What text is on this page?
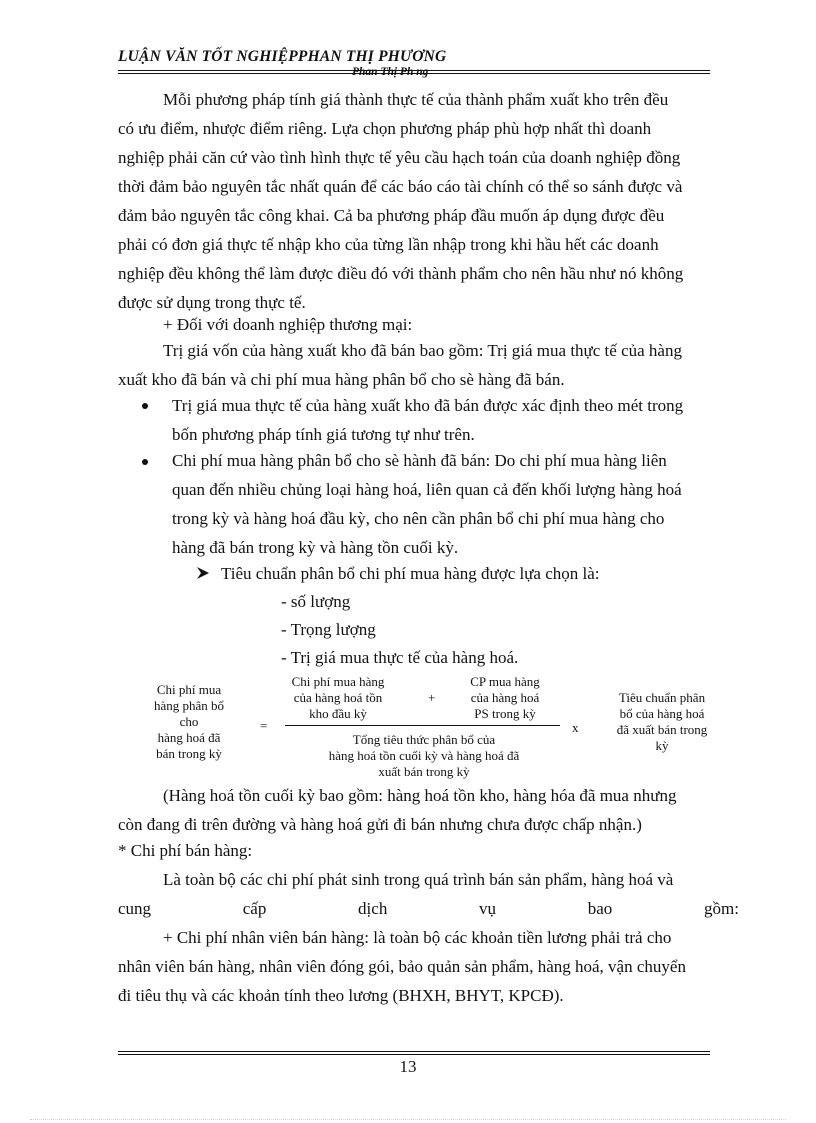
LUẬN VĂN TỐT NGHIỆPPHAN THỊ PHƯƠNG
Phan Thị Ph ng
Mỗi phương pháp tính giá thành thực tế của thành phẩm xuất kho trên đều
có ưu điểm, nhược điểm riêng. Lựa chọn phương pháp phù hợp nhất thì doanh
nghiệp phải căn cứ vào tình hình thực tế yêu cầu hạch toán của doanh nghiệp đồng
thời đảm bảo nguyên tắc nhất quán để các báo cáo tài chính có thể so sánh được và
đảm bảo nguyên tắc công khai. Cả ba phương pháp đầu muốn áp dụng được đều
phải có đơn giá thực tế nhập kho của từng lần nhập trong khi hầu hết các doanh
nghiệp đều không thể làm được điều đó với thành phẩm cho nên hầu như nó không
được sử dụng trong thực tế.
+ Đối với doanh nghiệp thương mại:
Trị giá vốn của hàng xuất kho đã bán bao gồm: Trị giá mua thực tế của hàng
xuất kho đã bán và chi phí mua hàng phân bổ cho sè hàng đã bán.
Trị giá mua thực tế của hàng xuất kho đã bán được xác định theo mét trong
bốn phương pháp tính giá tương tự như trên.
Chi phí mua hàng phân bổ cho sè hành đã bán: Do chi phí mua hàng liên
quan đến nhiều chủng loại hàng hoá, liên quan cả đến khối lượng hàng hoá
trong kỳ và hàng hoá đầu kỳ, cho nên cần phân bổ chi phí mua hàng cho
hàng đã bán trong kỳ và hàng tồn cuối kỳ.
Tiêu chuẩn phân bổ chi phí mua hàng được lựa chọn là:
- số lượng
- Trọng lượng
- Trị giá mua thực tế của hàng hoá.
Chi phí mua
hàng phân bổ
cho
hàng hoá đã
bán trong kỳ
=
Chi phí mua hàng
của hàng hoá tồn
kho đầu kỳ
+
CP mua hàng
của hàng hoá
PS trong kỳ
Tổng tiêu thức phân bổ của
hàng hoá tồn cuối kỳ và hàng hoá đã
xuất bán trong kỳ
x
Tiêu chuẩn phân
bổ của hàng hoá
đã xuất bán trong
kỳ
(Hàng hoá tồn cuối kỳ bao gồm: hàng hoá tồn kho, hàng hóa đã mua nhưng
còn đang đi trên đường và hàng hoá gửi đi bán nhưng chưa được chấp nhận.)
* Chi phí bán hàng:
Là toàn bộ các chi phí phát sinh trong quá trình bán sản phẩm, hàng hoá và
cung	cấp	dịch	vụ	bao	gồm:
+ Chi phí nhân viên bán hàng: là toàn bộ các khoản tiền lương phải trả cho
nhân viên bán hàng, nhân viên đóng gói, bảo quản sản phẩm, hàng hoá, vận chuyển
đi tiêu thụ và các khoản tính theo lương (BHXH, BHYT, KPCĐ).
13
